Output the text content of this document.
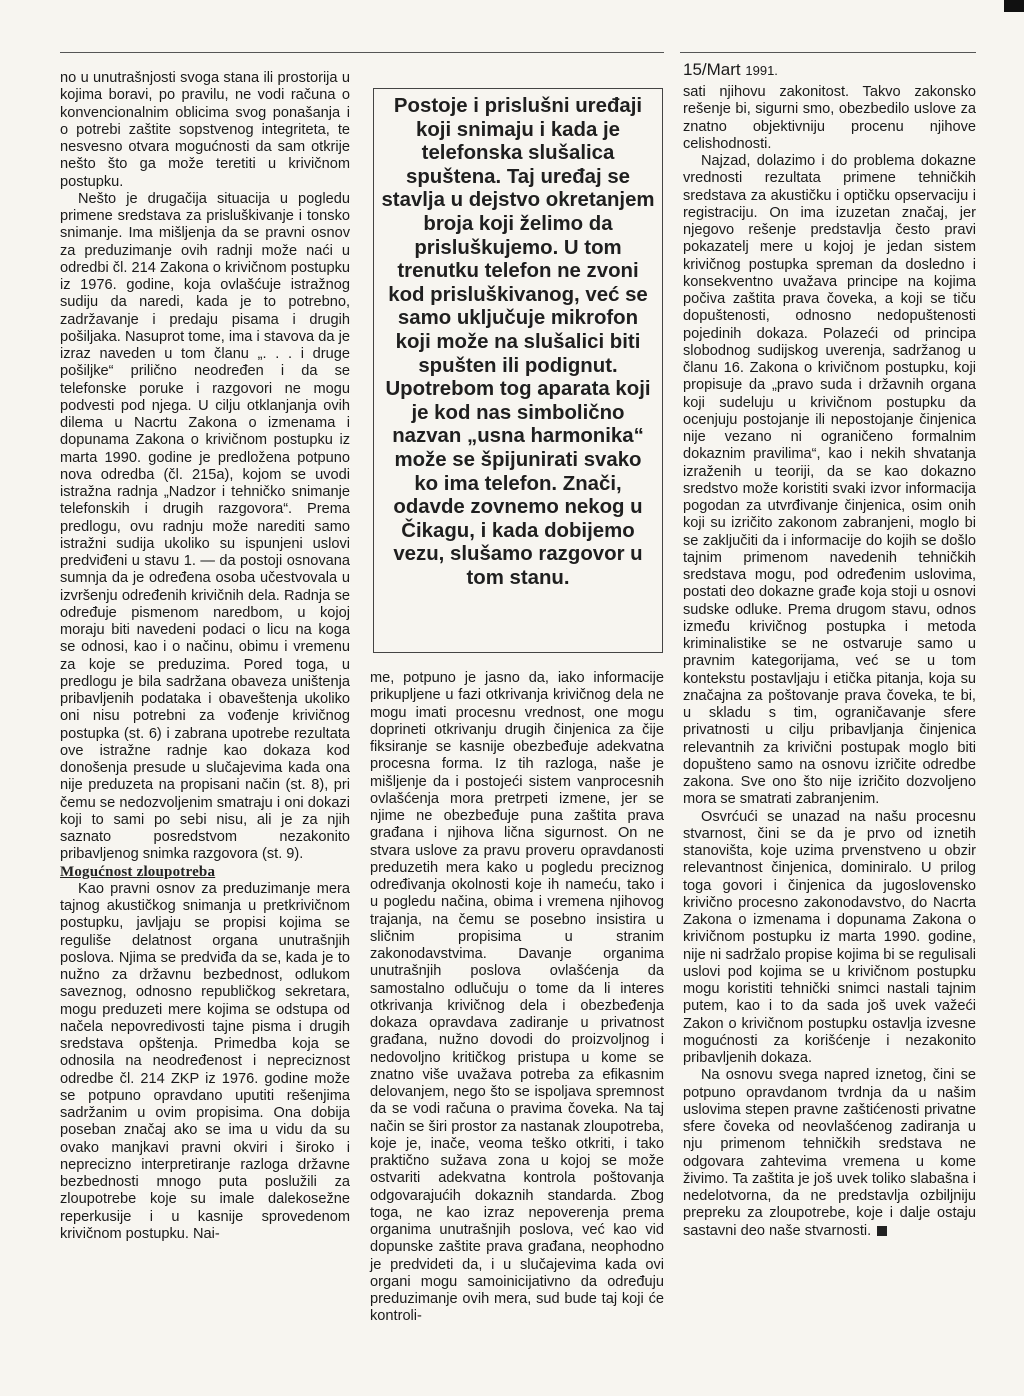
15/Mart 1991.

no u unutrašnjosti svoga stana ili prostorija u kojima boravi, po pravilu, ne vodi računa o konvencionalnim oblicima svog ponašanja i o potrebi zaštite sopstvenog integriteta, te nesvesno otvara mogućnosti da sam otkrije nešto što ga može teretiti u krivičnom postupku.

Nešto je drugačija situacija u pogledu primene sredstava za prisluškivanje i tonsko snimanje. Ima mišljenja da se pravni osnov za preduzimanje ovih radnji može naći u odredbi čl. 214 Zakona o krivičnom postupku iz 1976. godine, koja ovlašćuje istražnog sudiju da naredi, kada je to potrebno, zadržavanje i predaju pisama i drugih pošiljaka. Nasuprot tome, ima i stavova da je izraz naveden u tom članu „. . . i druge pošiljke“ prilično neodređen i da se telefonske poruke i razgovori ne mogu podvesti pod njega. U cilju otklanjanja ovih dilema u Nacrtu Zakona o izmenama i dopunama Zakona o krivičnom postupku iz marta 1990. godine je predložena potpuno nova odredba (čl. 215a), kojom se uvodi istražna radnja „Nadzor i tehničko snimanje telefonskih i drugih razgovora“. Prema predlogu, ovu radnju može narediti samo istražni sudija ukoliko su ispunjeni uslovi predviđeni u stavu 1. — da postoji osnovana sumnja da je određena osoba učestvovala u izvršenju određenih krivičnih dela. Radnja se određuje pismenom naredbom, u kojoj moraju biti navedeni podaci o licu na koga se odnosi, kao i o načinu, obimu i vremenu za koje se preduzima. Pored toga, u predlogu je bila sadržana obaveza uništenja pribavljenih podataka i obaveštenja ukoliko oni nisu potrebni za vođenje krivičnog postupka (st. 6) i zabrana upotrebe rezultata ove istražne radnje kao dokaza kod donošenja presude u slučajevima kada ona nije preduzeta na propisani način (st. 8), pri čemu se nedozvoljenim smatraju i oni dokazi koji to sami po sebi nisu, ali je za njih saznato posredstvom nezakonito pribavljenog snimka razgovora (st. 9).

Mogućnost zloupotreba

Kao pravni osnov za preduzimanje mera tajnog akustičkog snimanja u pretkrivičnom postupku, javljaju se propisi kojima se reguliše delatnost organa unutrašnjih poslova. Njima se predviđa da se, kada je to nužno za državnu bezbednost, odlukom saveznog, odnosno republičkog sekretara, mogu preduzeti mere kojima se odstupa od načela nepovredivosti tajne pisma i drugih sredstava opštenja. Primedba koja se odnosila na neodređenost i nepreciznost odredbe čl. 214 ZKP iz 1976. godine može se potpuno opravdano uputiti rešenjima sadržanim u ovim propisima. Ona dobija poseban značaj ako se ima u vidu da su ovako manjkavi pravni okviri i široko i neprecizno interpretiranje razloga državne bezbednosti mnogo puta poslužili za zloupotrebe koje su imale dalekosežne reperkusije i u kasnije sprovedenom krivičnom postupku. Nai-

Postoje i prislušni uređaji koji snimaju i kada je telefonska slušalica spuštena. Taj uređaj se stavlja u dejstvo okretanjem broja koji želimo da prisluškujemo. U tom trenutku telefon ne zvoni kod prisluškivanog, već se samo uključuje mikrofon koji može na slušalici biti spušten ili podignut. Upotrebom tog aparata koji je kod nas simbolično nazvan „usna harmonika“ može se špijunirati svako ko ima telefon. Znači, odavde zovnemo nekog u Čikagu, i kada dobijemo vezu, slušamo razgovor u tom stanu.

me, potpuno je jasno da, iako informacije prikupljene u fazi otkrivanja krivičnog dela ne mogu imati procesnu vrednost, one mogu doprineti otkrivanju drugih činjenica za čije fiksiranje se kasnije obezbeđuje adekvatna procesna forma. Iz tih razloga, naše je mišljenje da i postojeći sistem vanprocesnih ovlašćenja mora pretrpeti izmene, jer se njime ne obezbeđuje puna zaštita prava građana i njihova lična sigurnost. On ne stvara uslove za pravu proveru opravdanosti preduzetih mera kako u pogledu preciznog određivanja okolnosti koje ih nameću, tako i u pogledu načina, obima i vremena njihovog trajanja, na čemu se posebno insistira u sličnim propisima u stranim zakonodavstvima. Davanje organima unutrašnjih poslova ovlašćenja da samostalno odlučuju o tome da li interes otkrivanja krivičnog dela i obezbeđenja dokaza opravdava zadiranje u privatnost građana, nužno dovodi do proizvoljnog i nedovoljno kritičkog pristupa u kome se znatno više uvažava potreba za efikasnim delovanjem, nego što se ispoljava spremnost da se vodi računa o pravima čoveka. Na taj način se širi prostor za nastanak zloupotreba, koje je, inače, veoma teško otkriti, i tako praktično sužava zona u kojoj se može ostvariti adekvatna kontrola poštovanja odgovarajućih dokaznih standarda. Zbog toga, ne kao izraz nepoverenja prema organima unutrašnjih poslova, već kao vid dopunske zaštite prava građana, neophodno je predvideti da, i u slučajevima kada ovi organi mogu samoinicijativno da određuju preduzimanje ovih mera, sud bude taj koji će kontroli-

sati njihovu zakonitost. Takvo zakonsko rešenje bi, sigurni smo, obezbedilo uslove za znatno objektivniju procenu njihove celishodnosti.

Najzad, dolazimo i do problema dokazne vrednosti rezultata primene tehničkih sredstava za akustičku i optičku opservaciju i registraciju. On ima izuzetan značaj, jer njegovo rešenje predstavlja često pravi pokazatelj mere u kojoj je jedan sistem krivičnog postupka spreman da dosledno i konsekventno uvažava principe na kojima počiva zaštita prava čoveka, a koji se tiču dopuštenosti, odnosno nedopuštenosti pojedinih dokaza. Polazeći od principa slobodnog sudijskog uverenja, sadržanog u članu 16. Zakona o krivičnom postupku, koji propisuje da „pravo suda i državnih organa koji sudeluju u krivičnom postupku da ocenjuju postojanje ili nepostojanje činjenica nije vezano ni ograničeno formalnim dokaznim pravilima“, kao i nekih shvatanja izraženih u teoriji, da se kao dokazno sredstvo može koristiti svaki izvor informacija pogodan za utvrđivanje činjenica, osim onih koji su izričito zakonom zabranjeni, moglo bi se zaključiti da i informacije do kojih se došlo tajnim primenom navedenih tehničkih sredstava mogu, pod određenim uslovima, postati deo dokazne građe koja stoji u osnovi sudske odluke. Prema drugom stavu, odnos između krivičnog postupka i metoda kriminalistike se ne ostvaruje samo u pravnim kategorijama, već se u tom kontekstu postavljaju i etička pitanja, koja su značajna za poštovanje prava čoveka, te bi, u skladu s tim, ograničavanje sfere privatnosti u cilju pribavljanja činjenica relevantnih za krivični postupak moglo biti dopušteno samo na osnovu izričite odredbe zakona. Sve ono što nije izričito dozvoljeno mora se smatrati zabranjenim.

Osvrćući se unazad na našu procesnu stvarnost, čini se da je prvo od iznetih stanovišta, koje uzima prvenstveno u obzir relevantnost činjenica, dominiralo. U prilog toga govori i činjenica da jugoslovensko krivično procesno zakonodavstvo, do Nacrta Zakona o izmenama i dopunama Zakona o krivičnom postupku iz marta 1990. godine, nije ni sadržalo propise kojima bi se regulisali uslovi pod kojima se u krivičnom postupku mogu koristiti tehnički snimci nastali tajnim putem, kao i to da sada još uvek važeći Zakon o krivičnom postupku ostavlja izvesne mogućnosti za korišćenje i nezakonito pribavljenih dokaza.

Na osnovu svega napred iznetog, čini se potpuno opravdanom tvrdnja da u našim uslovima stepen pravne zaštićenosti privatne sfere čoveka od neovlašćenog zadiranja u nju primenom tehničkih sredstava ne odgovara zahtevima vremena u kome živimo. Ta zaštita je još uvek toliko slabašna i nedelotvorna, da ne predstavlja ozbiljniju prepreku za zloupotrebe, koje i dalje ostaju sastavni deo naše stvarnosti.
